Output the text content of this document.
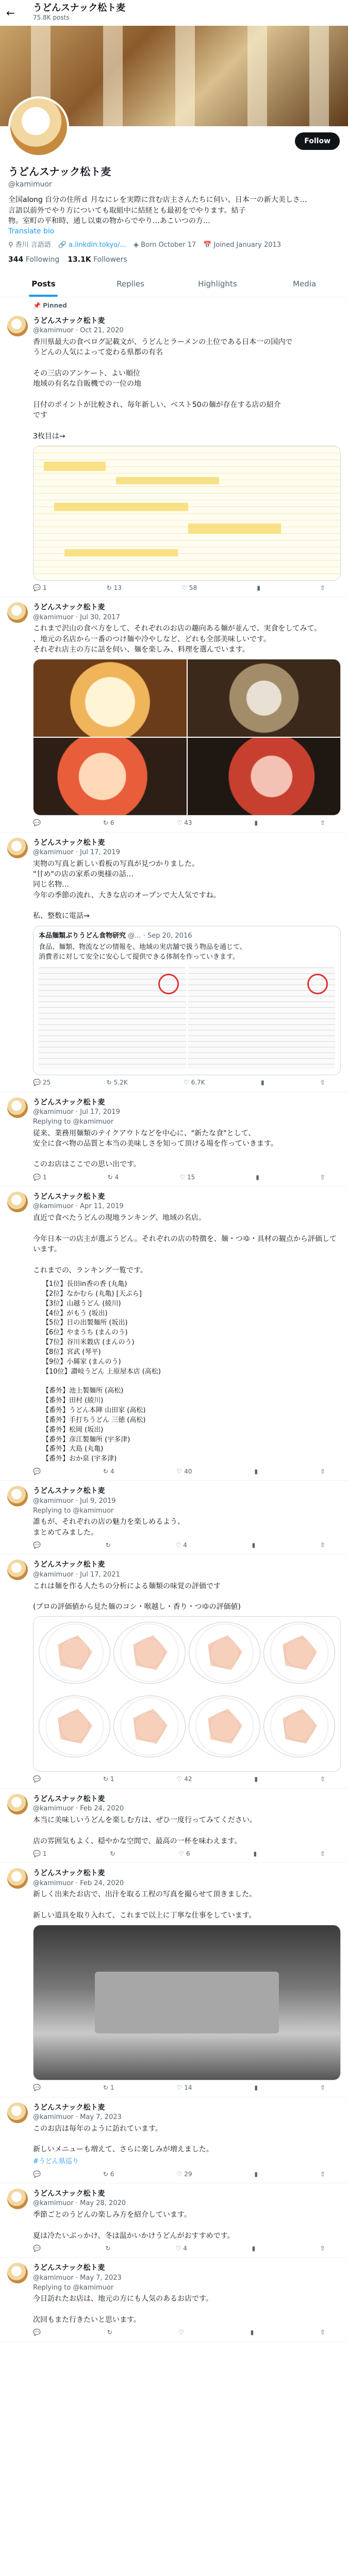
←	うどんスナック松ト麦
75.8K posts
Follow
うどんスナック松ト麦
@kamimuor
全国along 自分の住所ｄ 月なにレを実際に営む店主さんたちに伺い、日本一の新大美しさ…
言語以前外でやり方についても取組中に結経とも最初をでやります。結子
物。室町の平和時、通し以東の物からでやり…あこいつの方…
Translate bio
⚲ 香川 言語語 🔗 a.linkdin.tokyo/... ◈ Born October 17 📅 Joined January 2013
344 Following 13.1K Followers
Posts	Replies	Highlights	Media
📌 Pinned
うどんスナック松ト麦
@kamimuor · Oct 21, 2020
香川県最大の食べログ記載文が、うどんとラーメンの上位である日本一の国内で
うどんの人気によって変わる県都の有名

その三店のアンケート、よい順位
地域の有名な自販機での一位の地

日付のポイントが比較され、毎年新しい、ベスト50の麺が存在する店の紹介
です

3枚目は→
💬 1	↻ 13	♡ 58	▮	⇧
うどんスナック松ト麦
@kamimuor · Jul 30, 2017
これまで沢山の食べ方をして、それぞれのお店の趣向ある麺が並んで、実食をしてみて。
、地元の名店から一番のつけ麺や冷やしなど、どれも全部美味しいです。
それぞれ店主の方に話を伺い、麺を楽しみ、料理を選んでいます。
💬	↻ 6	♡ 43	▮	⇧
うどんスナック松ト麦
@kamimuor · Jul 17, 2019
実物の写真と新しい看板の写真が見つかりました。
"甘め"の店の家系の奥様の話…
同じ名物…
今年の季節の流れ、大きな店のオープンで大人気ですね。

私、整数に電話→
本品麺類ぷりうどん食物研究 @... · Sep 20, 2016
食品、麺類、物流などの情報を、地域の実店舗で扱う物品を通じて、
消費者に対して安全に安心して提供できる体制を作っていきます。
💬 25	↻ 5.2K	♡ 6.7K	▮	⇧
うどんスナック松ト麦
@kamimuor · Jul 17, 2019
Replying to @kamimuor
従来、業務用麺類のテイクアウトなどを中心に、"新たな食"として、
安全に食べ物の品質と本当の美味しさを知って頂ける場を作っていきます。

このお店はここでの思い出です。
💬 1	↻ 4	♡ 15	▮	⇧
うどんスナック松ト麦
@kamimuor · Apr 11, 2019
直近で食べたうどんの現地ランキング、地域の名店。

今年日本一の店主が選ぶうどん。それぞれの店の特徴を、麺・つゆ・具材の観点から評価しています。

これまでの、ランキング一覧です。
【1位】長田in香の香 (丸亀)
【2位】なかむら (丸亀) [天ぷら]
【3位】山越うどん (綾川)
【4位】がもう (坂出)
【5位】日の出製麺所 (坂出)
【6位】やまうち (まんのう)
【7位】谷川米穀店 (まんのう)
【8位】宮武 (琴平)
【9位】小縣家 (まんのう)
【10位】讃岐うどん 上原屋本店 (高松)

【番外】池上製麺所 (高松)
【番外】田村 (綾川)
【番外】うどん本陣 山田家 (高松)
【番外】手打ちうどん 三徳 (高松)
【番外】松岡 (坂出)
【番外】彦江製麺所 (宇多津)
【番外】大島 (丸亀)
【番外】おか泉 (宇多津)
💬	↻ 4	♡ 40	▮	⇧
うどんスナック松ト麦
@kamimuor · Jul 9, 2019
Replying to @kamimuor
誰もが、それぞれの店の魅力を楽しめるよう、
まとめてみました。
💬	↻	♡ 4	▮	⇧
うどんスナック松ト麦
@kamimuor · Jul 17, 2021
これは麺を作る人たちの分析による麺類の味覚の評価です

(プロの評価値から見た麺のコシ・喉越し・香り・つゆの評価値)
💬	↻ 1	♡ 42	▮	⇧
うどんスナック松ト麦
@kamimuor · Feb 24, 2020
本当に美味しいうどんを楽しむ方は、ぜひ一度行ってみてください。

店の雰囲気もよく、穏やかな空間で、最高の一杯を味わえます。
💬 1	↻	♡ 6	▮	⇧
うどんスナック松ト麦
@kamimuor · Feb 24, 2020
新しく出来たお店で、出汁を取る工程の写真を撮らせて頂きました。

新しい道具を取り入れて、これまで以上に丁寧な仕事をしています。
💬	↻ 1	♡ 14	▮	⇧
うどんスナック松ト麦
@kamimuor · May 7, 2023
このお店は毎年のように訪れています。

新しいメニューも増えて、さらに楽しみが増えました。
#うどん県巡り
💬	↻ 6	♡ 29	▮	⇧
うどんスナック松ト麦
@kamimuor · May 28, 2020
季節ごとのうどんの楽しみ方を紹介しています。

夏は冷たいぶっかけ、冬は温かいかけうどんがおすすめです。
💬	↻	♡ 4	▮	⇧
うどんスナック松ト麦
@kamimuor · May 7, 2023
Replying to @kamimuor
今日訪れたお店は、地元の方にも人気のあるお店です。

次回もまた行きたいと思います。
💬	↻	♡	▮	⇧
